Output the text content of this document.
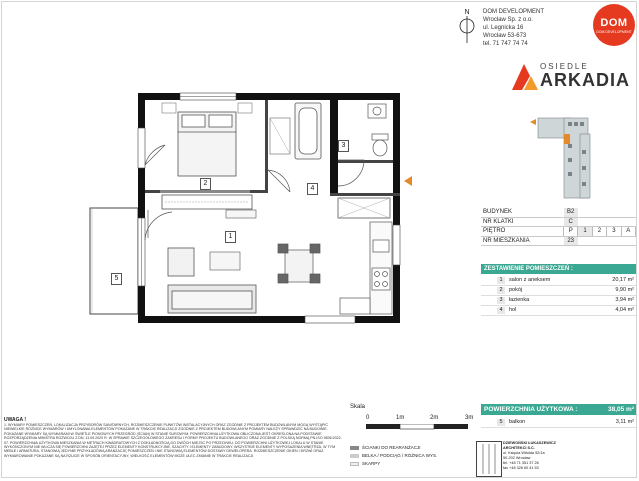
2
3
4
1
5
N DOM DEVELOPMENT
Wrocław Sp. z o.o.
ul. Legnicka 16
Wrocław 53-673
tel. 71 747 74 74
DOM
DOM DEVELOPMENT
OSIEDLE
ARKADIA
BUDYNEK	B2				
NR KLATKI	C				
PIĘTRO	P	1	2	3	A
NR MIESZKANIA	23				
ZESTAWIENIE POMIESZCZEŃ :
1	salon z aneksem	20,17 m²
2	pokój	9,90 m²
3	łazienka	3,94 m²
4	hol	4,04 m²
POWIERZCHNIA UŻYTKOWA :	38,05 m²
5	balkon	3,11 m²
UWAGA !
1. WYMIARY POMIESZCZEŃ, LOKALIZACJA PRZYBORÓW SANITARNYCH, ROZMIESZCZENIE PUNKTÓW INSTALACYJNYCH ORAZ ZGODNIE Z PROJEKTEM BUDOWLANYM MOGĄ WYSTĄPIĆ NIEWIELKIE RÓŻNICE WYMIARÓW I UMYLONANIA ELEMENTÓW POKAZANE W TRAKCIE REALIZACJI ZGODNIE Z PROJEKTEM BUDOWLANYM POMIARY NALEŻY SPRAWDZIĆ NA BUDOWIE. POKAZANE WYMIARY SĄ WYMIARAMI W ŚWIETLE PIONOWYCH PRZEGRÓD (ŚCIAN) W STANIE SUROWYM. POWIERZCHNIA UŻYTKOWA OBLICZONA JEST OKREŚLONA NA PODSTAWIE ROZPORZĄDZENIA MINISTRA ROZWOJU Z DN. 11.09.2020 R. W SPRAWIE SZCZEGÓŁOWEGO ZAKRESU I FORMY PROJEKTU BUDOWLANEGO ORAZ ZGODNIE Z POLSKĄ NORMĄ PN-ISO 9836:2022-07. POWIERZCHNIA UŻYTKOWA MIESZKANIA W METRACH KWADRATOWYCH Z DOKŁADNOŚCIĄ DO DWÓCH MIEJSC PO PRZECINKU. DO POWIERZCHNI UŻYTKOWEJ LOKALU W STANIE WYKOŃCZONYM NIE WLICZA SIĘ POWIERZCHNI ZAJĘTEJ PRZEZ ELEMENTY KONSTRUKCYJNE, SZACHTY I ELEMENTY ZABUDOWY. WSZYSTKIE ELEMENTY WYPOSAŻENIA WNĘTRZA, W TYM MEBLE I ARMATURA, STANOWIĄ JEDYNIE PRZYKŁADOWĄ ARANŻACJĘ POMIESZCZEŃ I NIE STANOWIĄ ELEMENTÓW DOSTAWY DEWELOPERA. ROZMIESZCZENIE OKIEN I DRZWI ORAZ WYMIAROWANIE POKAZANE SĄ NA RZUCIE W SPOSÓB ORIENTACYJNY, WIELKOŚĆ ELEMENTÓW MOŻE ULEC ZMIANIE W TRAKCIE REALIZACJI.
Skala
0	1m	2m	3m
ŚCIANKI DO REARANŻACJI
BELKA / PODCIĄG / RÓŻNICA WYS.
SKARPY
DZIEWOŃSKI ŁUKASZEWICZ
ARCHITEKCI S.C.
ul. Księcia Witolda 52/1a
50-202 Wrocław
tel. +48 71 351 37 26
fax +48 326 60 41 53
